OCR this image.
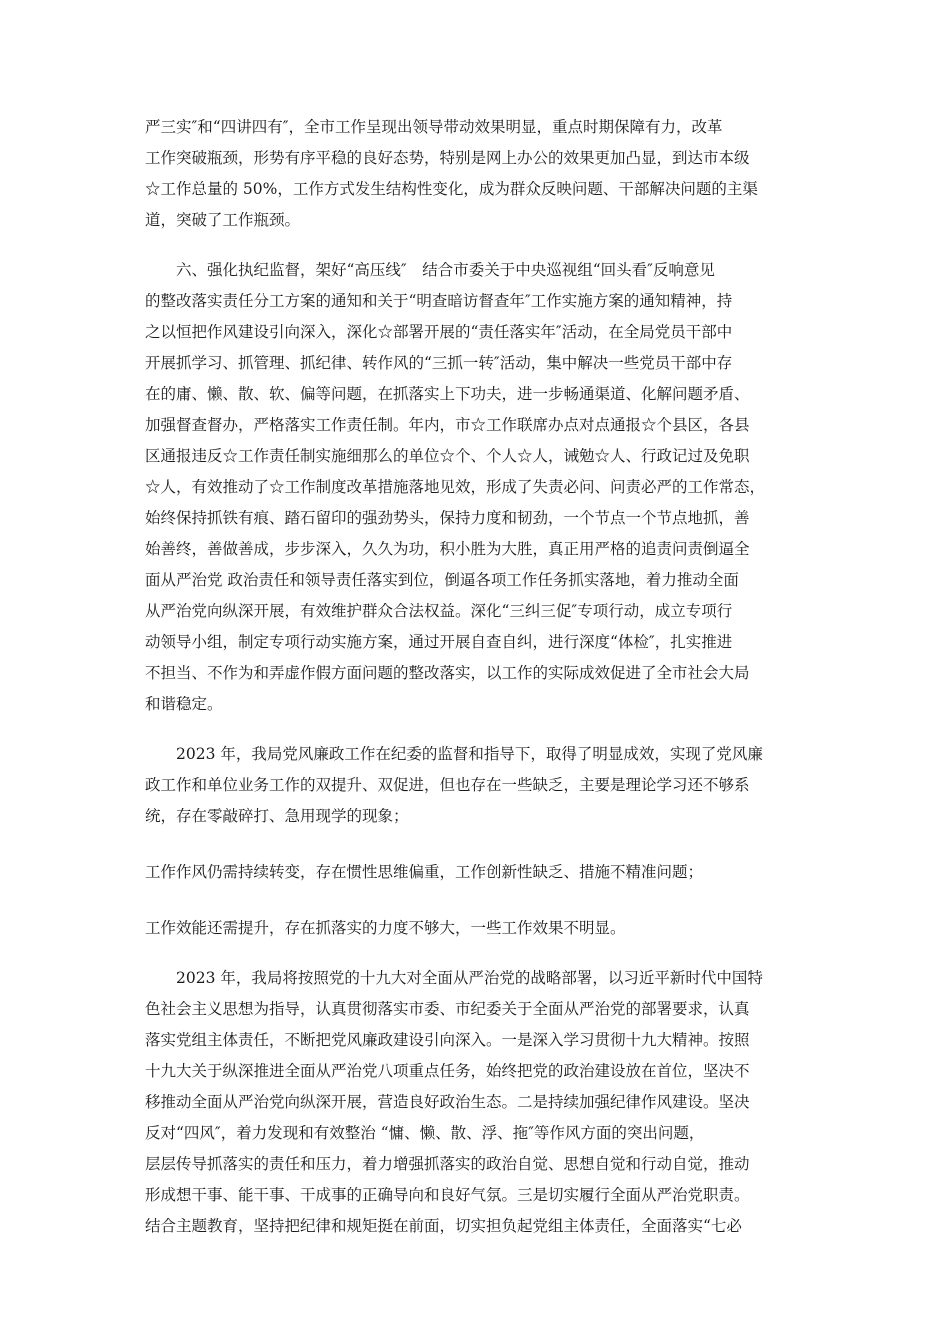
严三实″和“四讲四有″，全市工作呈现出领导带动效果明显，重点时期保障有力，改革
工作突破瓶颈，形势有序平稳的良好态势，特别是网上办公的效果更加凸显，到达市本级
☆工作总量的 50%，工作方式发生结构性变化，成为群众反映问题、干部解决问题的主渠
道，突破了工作瓶颈。
　　六、强化执纪监督，架好“高压线″　结合市委关于中央巡视组“回头看″反响意见
的整改落实责任分工方案的通知和关于“明查暗访督查年″工作实施方案的通知精神，持
之以恒把作风建设引向深入，深化☆部署开展的“责任落实年″活动，在全局党员干部中
开展抓学习、抓管理、抓纪律、转作风的“三抓一转″活动，集中解决一些党员干部中存
在的庸、懒、散、软、偏等问题，在抓落实上下功夫，进一步畅通渠道、化解问题矛盾、
加强督查督办，严格落实工作责任制。年内，市☆工作联席办点对点通报☆个县区，各县
区通报违反☆工作责任制实施细那么的单位☆个、个人☆人，诫勉☆人、行政记过及免职
☆人，有效推动了☆工作制度改革措施落地见效，形成了失责必问、问责必严的工作常态，
始终保持抓铁有痕、踏石留印的强劲势头，保持力度和韧劲，一个节点一个节点地抓，善
始善终，善做善成，步步深入，久久为功，积小胜为大胜，真正用严格的追责问责倒逼全
面从严治党 政治责任和领导责任落实到位，倒逼各项工作任务抓实落地，着力推动全面
从严治党向纵深开展，有效维护群众合法权益。深化“三纠三促″专项行动，成立专项行
动领导小组，制定专项行动实施方案，通过开展自查自纠，进行深度“体检″，扎实推进
不担当、不作为和弄虚作假方面问题的整改落实，以工作的实际成效促进了全市社会大局
和谐稳定。
　　2023 年，我局党风廉政工作在纪委的监督和指导下，取得了明显成效，实现了党风廉
政工作和单位业务工作的双提升、双促进，但也存在一些缺乏，主要是理论学习还不够系
统，存在零敲碎打、急用现学的现象；
工作作风仍需持续转变，存在惯性思维偏重，工作创新性缺乏、措施不精准问题；
工作效能还需提升，存在抓落实的力度不够大，一些工作效果不明显。
　　2023 年，我局将按照党的十九大对全面从严治党的战略部署，以习近平新时代中国特
色社会主义思想为指导，认真贯彻落实市委、市纪委关于全面从严治党的部署要求，认真
落实党组主体责任，不断把党风廉政建设引向深入。一是深入学习贯彻十九大精神。按照
十九大关于纵深推进全面从严治党八项重点任务，始终把党的政治建设放在首位，坚决不
移推动全面从严治党向纵深开展，营造良好政治生态。二是持续加强纪律作风建设。坚决
反对“四风″，着力发现和有效整治 “慵、懒、散、浮、拖″等作风方面的突出问题，
层层传导抓落实的责任和压力，着力增强抓落实的政治自觉、思想自觉和行动自觉，推动
形成想干事、能干事、干成事的正确导向和良好气氛。三是切实履行全面从严治党职责。
结合主题教育，坚持把纪律和规矩挺在前面，切实担负起党组主体责任，全面落实“七必
